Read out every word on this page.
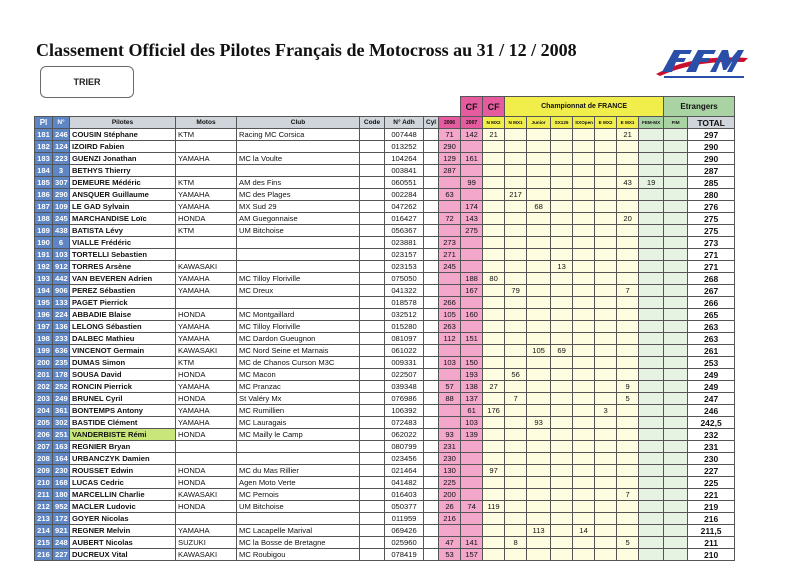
Classement Officiel des Pilotes Français de Motocross au 31 / 12 / 2008
TRIER
									CF	CF	Championnat de FRANCE							Etrangers		
Pl	N°	Pilotes	Motos	Club	Code	N° Adh	Cyl	2006	2007	N MX2	N MX1	Junior	SX125	SXOpen	E MX2	E MX1	FEM-MX	FIM	TOTAL	
181	246	COUSIN Stéphane	KTM	Racing MC Corsica		007448		71	142	21						21			297	
182	124	IZOIRD Fabien				013252		290											290	
183	223	GUENZI Jonathan	YAMAHA	MC la Voulte		104264		129	161										290	
184	3	BETHYS Thierry				003841		287											287	
185	307	DEMEURE Médéric	KTM	AM des Fins		060551			99							43	19		285	
186	290	ANSQUER Guillaume	YAMAHA	MC des Plages		002284		63			217								280	
187	109	LE GAD Sylvain	YAMAHA	MX Sud 29		047262			174			68							276	
188	245	MARCHANDISE Loïc	HONDA	AM Guegonnaise		016427		72	143							20			275	
189	438	BATISTA Lévy	KTM	UM Bitchoise		056367			275										275	
190	6	VIALLE Frédéric				023881		273											273	
191	103	TORTELLI Sebastien				023157		271											271	
192	912	TORRES Arsène	KAWASAKI			023153		245					13						271	
193	442	VAN BEVEREN Adrien	YAMAHA	MC Tilloy Floriville		075050			188	80									268	
194	906	PEREZ Sébastien	YAMAHA	MC Dreux		041322			167		79					7			267	
195	133	PAGET Pierrick				018578		266											266	
196	224	ABBADIE Blaise	HONDA	MC Montgaillard		032512		105	160										265	
197	136	LELONG Sébastien	YAMAHA	MC Tilloy Floriville		015280		263											263	
198	233	DALBEC Mathieu	YAMAHA	MC Dardon Gueugnon		081097		112	151										263	
199	636	VINCENOT Germain	KAWASAKI	MC Nord Seine et Marnais		061022						105	69						261	
200	235	DUMAS Simon	KTM	MC de Chanos Curson M3C		009331		103	150										253	
201	178	SOUSA David	HONDA	MC Macon		022507			193		56								249	
202	252	RONCIN Pierrick	YAMAHA	MC Pranzac		039348		57	138	27						9			249	
203	249	BRUNEL Cyril	HONDA	St Valéry Mx		076986		88	137		7					5			247	
204	361	BONTEMPS Antony	YAMAHA	MC Rumillien		106392			61	176					3				246	
205	302	BASTIDE Clément	YAMAHA	MC Lauragais		072483			103			93							242,5	
206	251	VANDERBISTE Rémi	HONDA	MC Mailly le Camp		062022		93	139										232	
207	163	REGNIER Bryan				080799		231											231	
208	164	URBANCZYK Damien				023456		230											230	
209	230	ROUSSET Edwin	HONDA	MC du Mas Rillier		021464		130		97									227	
210	168	LUCAS Cedric	HONDA	Agen Moto Verte		041482		225											225	
211	180	MARCELLIN Charlie	KAWASAKI	MC Pernois		016403		200								7			221	
212	952	MACLER Ludovic	HONDA	UM Bitchoise		050377		26	74	119									219	
213	172	GOYER Nicolas				011959		216											216	
214	921	REGNER Melvin	YAMAHA	MC Lacapelle Marival		069426						113		14					211,5	
215	248	AUBERT Nicolas	SUZUKI	MC la Bosse de Bretagne		025960		47	141		8					5			211	
216	227	DUCREUX Vital	KAWASAKI	MC Roubigou		078419		53	157										210	
